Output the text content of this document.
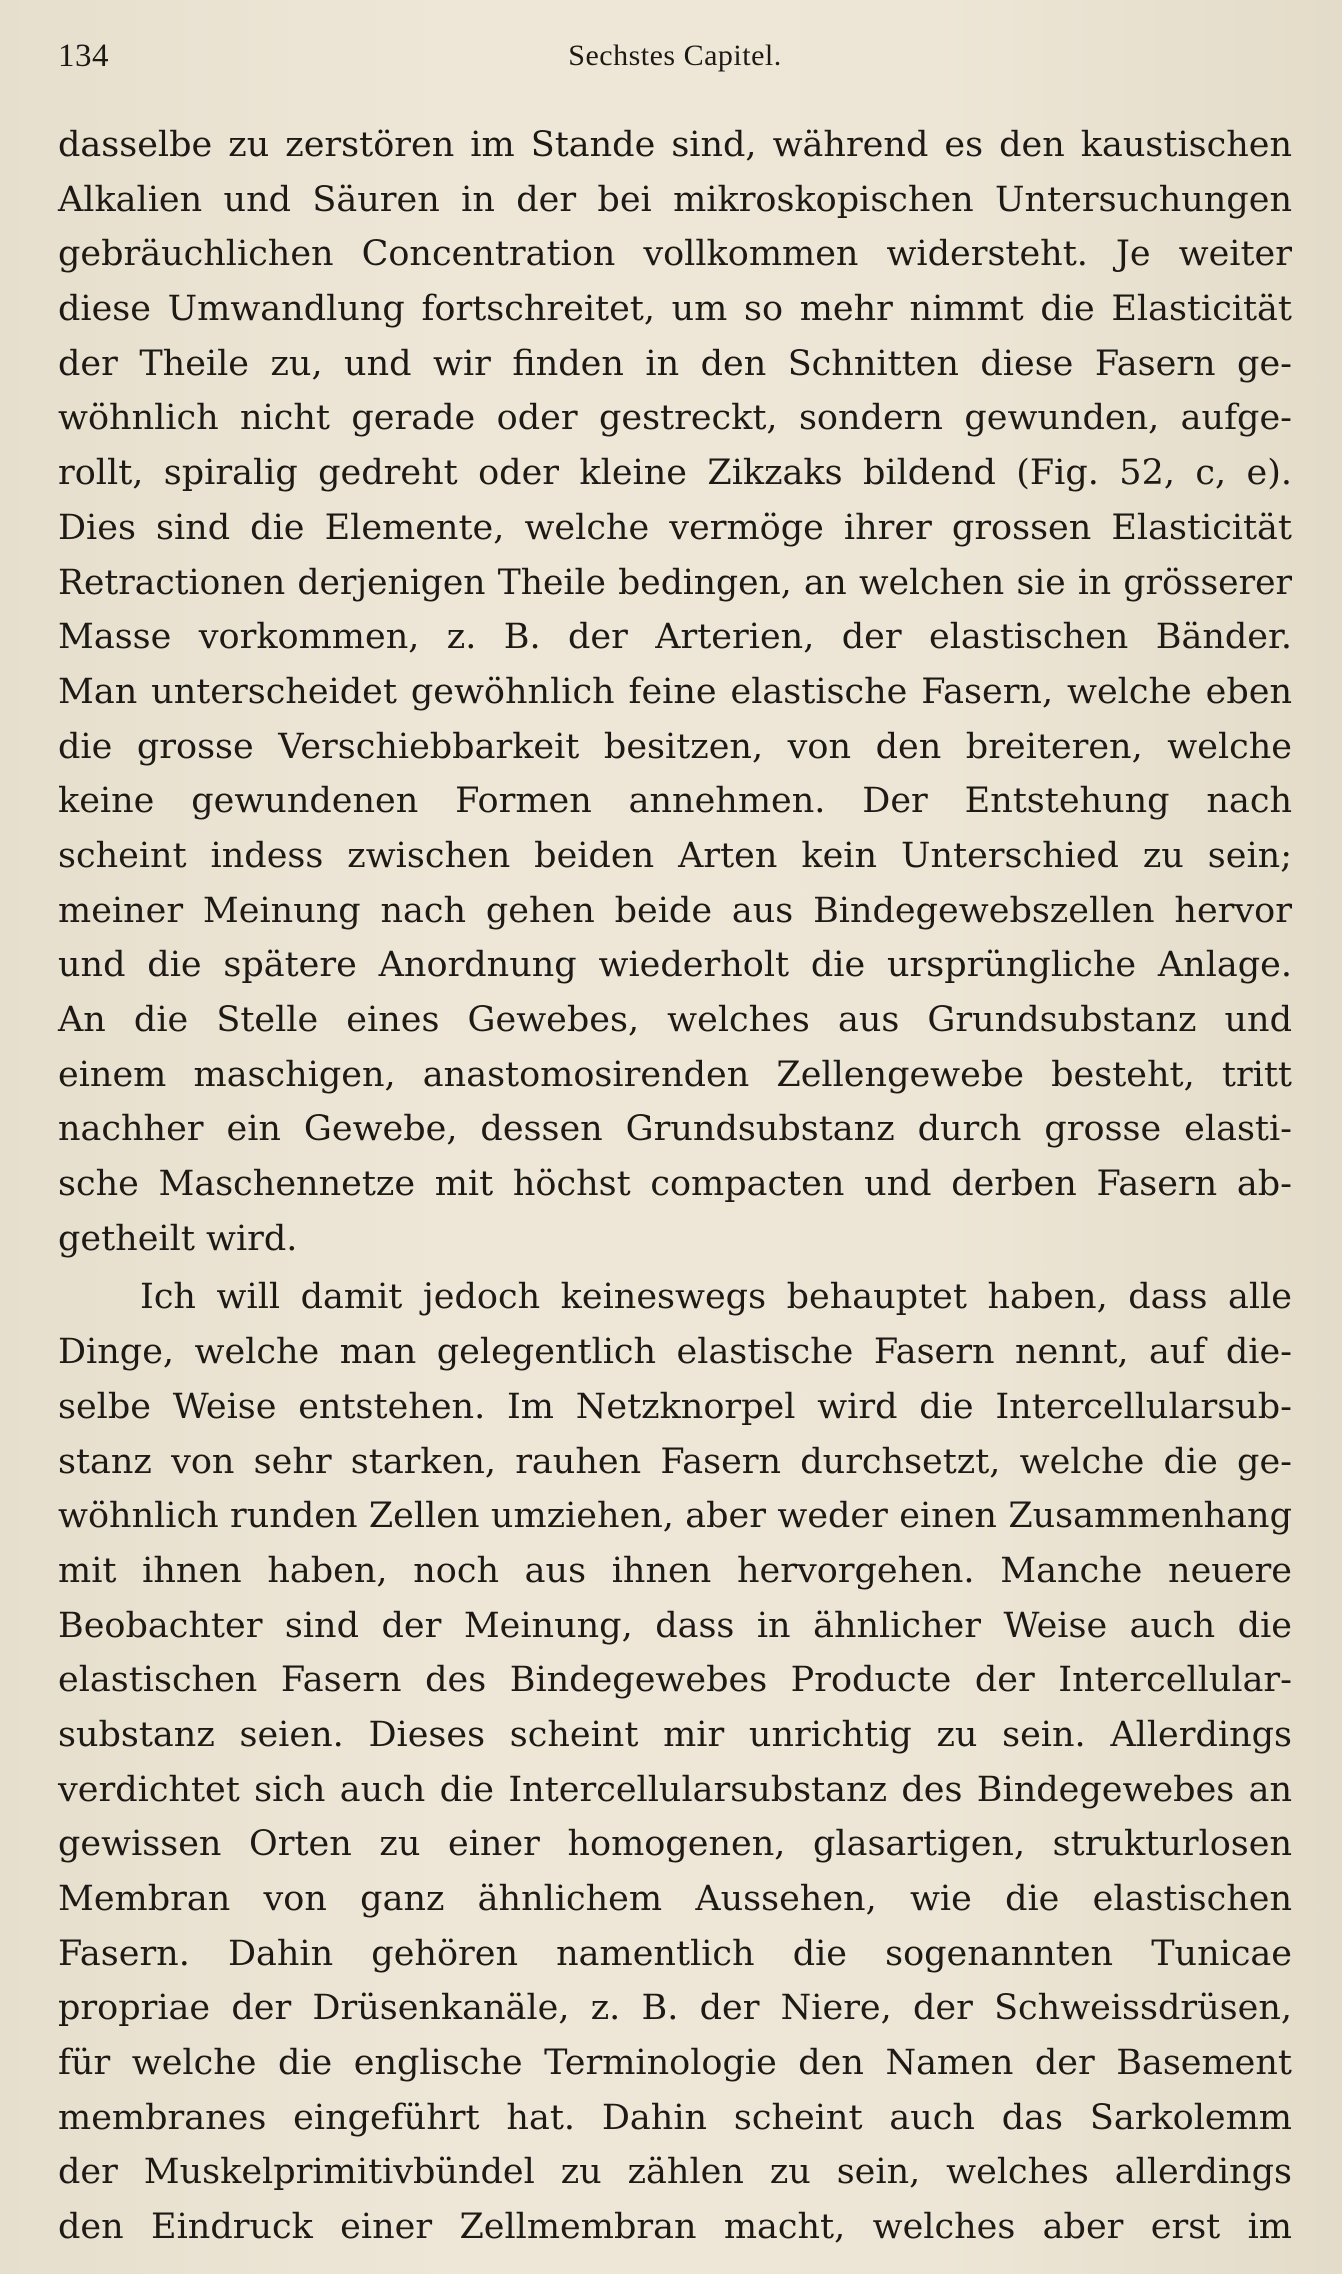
134	Sechstes Capitel.
dasselbe zu zerstören im Stande sind, während es den kaustischen
Alkalien und Säuren in der bei mikroskopischen Untersuchungen
gebräuchlichen Concentration vollkommen widersteht. Je weiter
diese Umwandlung fortschreitet, um so mehr nimmt die Elasticität
der Theile zu, und wir finden in den Schnitten diese Fasern ge-
wöhnlich nicht gerade oder gestreckt, sondern gewunden, aufge-
rollt, spiralig gedreht oder kleine Zikzaks bildend (Fig. 52, c, e).
Dies sind die Elemente, welche vermöge ihrer grossen Elasticität
Retractionen derjenigen Theile bedingen, an welchen sie in grösserer
Masse vorkommen, z. B. der Arterien, der elastischen Bänder.
Man unterscheidet gewöhnlich feine elastische Fasern, welche eben
die grosse Verschiebbarkeit besitzen, von den breiteren, welche
keine gewundenen Formen annehmen. Der Entstehung nach
scheint indess zwischen beiden Arten kein Unterschied zu sein;
meiner Meinung nach gehen beide aus Bindegewebszellen hervor
und die spätere Anordnung wiederholt die ursprüngliche Anlage.
An die Stelle eines Gewebes, welches aus Grundsubstanz und
einem maschigen, anastomosirenden Zellengewebe besteht, tritt
nachher ein Gewebe, dessen Grundsubstanz durch grosse elasti-
sche Maschennetze mit höchst compacten und derben Fasern ab-
getheilt wird.
Ich will damit jedoch keineswegs behauptet haben, dass alle
Dinge, welche man gelegentlich elastische Fasern nennt, auf die-
selbe Weise entstehen. Im Netzknorpel wird die Intercellularsub-
stanz von sehr starken, rauhen Fasern durchsetzt, welche die ge-
wöhnlich runden Zellen umziehen, aber weder einen Zusammenhang
mit ihnen haben, noch aus ihnen hervorgehen. Manche neuere
Beobachter sind der Meinung, dass in ähnlicher Weise auch die
elastischen Fasern des Bindegewebes Producte der Intercellular-
substanz seien. Dieses scheint mir unrichtig zu sein. Allerdings
verdichtet sich auch die Intercellularsubstanz des Bindegewebes an
gewissen Orten zu einer homogenen, glasartigen, strukturlosen
Membran von ganz ähnlichem Aussehen, wie die elastischen
Fasern. Dahin gehören namentlich die sogenannten Tunicae
propriae der Drüsenkanäle, z. B. der Niere, der Schweissdrüsen,
für welche die englische Terminologie den Namen der Basement
membranes eingeführt hat. Dahin scheint auch das Sarkolemm
der Muskelprimitivbündel zu zählen zu sein, welches allerdings
den Eindruck einer Zellmembran macht, welches aber erst im
